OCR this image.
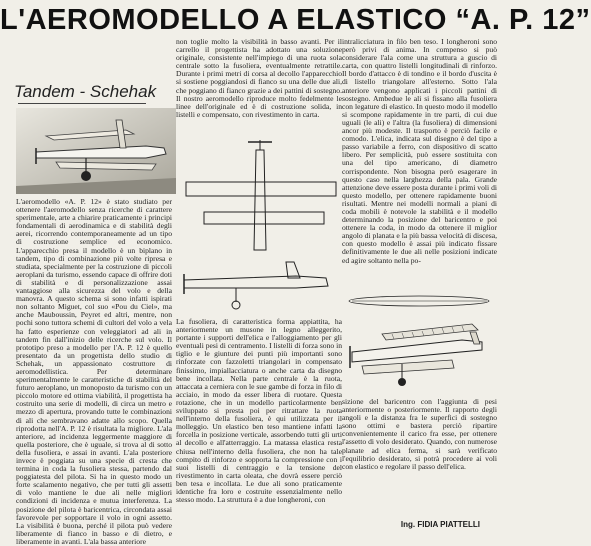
L'AEROMODELLO A ELASTICO “A. P. 12”
Tandem - Schehak

L'aeromodello «A. P. 12» è stato studiato per ottenere l'aeromodello senza ricerche di carattere sperimentale, arte a chiarire praticamente i principi fondamentali di aerodinamica e di stabilità degli aerei, ricorrendo contemporaneamente ad un tipo di costruzione semplice ed economico. L'apparecchio presa il modello è un biplano in tandem, tipo di combinazione più volte ripresa e studiata, specialmente per la costruzione di piccoli aeroplani da turismo, essendo capace di offrire doti di stabilità e di personalizzazione assai vantaggiose alla sicurezza del volo e della manovra. A questo schema si sono infatti ispirati non soltanto Miguet, col suo «Pou du Ciel», ma anche Mauboussin, Peyret ed altri, mentre, non pochi sono tuttora schemi di cultori del volo a vela ha fatto esperienze con veleggiatori ad ali in tandem fin dall'inizio delle ricerche sul volo. Il prototipo preso a modello per l'A. P. 12 è quello presentato da un progettista dello studio di Schehak, un appassionato costruttore di aeromodellistica. Per determinare sperimentalmente le caratteristiche di stabilità del futuro aeroplano, un monoposto da turismo con un piccolo motore ed ottima viabilità, il progettista ha costruito una serie di modelli, di circa un metro e mezzo di apertura, provando tutte le combinazioni di ali che sembravano adatte allo scopo. Quella riprodotta nell'A. P. 12 è risultata la migliore. L'ala anteriore, ad incidenza leggermente maggiore di quella posteriore, che è uguale, si trova al di sotto della fusoliera, e assai in avanti. L'ala posteriore invece è poggiata su una specie di cresta che termina in coda la fusoliera stessa, partendo dal poggiatesta del pilota. Si ha in questo modo un forte scalamento negativo, che per tutti gli assetti di volo mantiene le due ali nelle migliori condizioni di incidenza e mutua interferenza. La posizione del pilota è baricentrica, circondata assai favorevole per sopportare il volo in ogni assetto. La visibilità è buona, perché il pilota può vedere liberamente di fianco in basso e di dietro, e liberamente in avanti. L'ala bassa anteriore

non toglie molto la visibilità in basso avanti. Per il carrello il progettista ha adottato una soluzione originale, consistente nell'impiego di una ruota sola centrale sotto la fusoliera, eventualmente retrattile. Durante i primi metri di corsa al decollo l'apparecchio si sostiene poggiandosi di fianco su una delle due ali, che poggiano di fianco grazie a dei pattini di sostegno. Il nostro aeromodello riproduce molto fedelmente le linee dell'originale ed è di costruzione solida, in listelli e compensato, con rivestimento in carta.

intralicciatura in filo ben teso. I longheroni sono però privi di anima. In compenso si può considerare l'ala come una struttura a guscio di carta, con quattro listelli longitudinali di rinforzo. Il bordo d'attacco è di tondino e il bordo d'uscita è di listello triangolare all'esterno. Sotto l'ala anteriore vengono applicati i piccoli pattini di sostegno. Ambedue le ali si fissano alla fusoliera con legature di elastico. In questo modo il modello si scompone rapidamente in tre parti, di cui due uguali (le ali) e l'altra (la fusoliera) di dimensioni ancor più modeste. Il trasporto è perciò facile e comodo. L'elica, indicata sul disegno è del tipo a passo variabile a ferro, con dispositivo di scatto libero. Per semplicità, può essere sostituita con una del tipo americano, di diametro corrispondente. Non bisogna però esagerare in questo caso nella larghezza della pala. Grande attenzione deve essere posta durante i primi voli di questo modello, per ottenere rapidamente buoni risultati. Mentre nei modelli normali a piani di coda mobili è notevole la stabilità e il modello determinando la posizione del baricentro e poi ottenere la coda, in modo da ottenere il miglior angolo di planata e la più bassa velocità di discesa, con questo modello è assai più indicato fissare definitivamente le due ali nelle posizioni indicate ed agire soltanto nella po-

La fusoliera, di caratteristica forma appiattita, ha anteriormente un musone in legno alleggerito, portante i supporti dell'elica e l'alloggiamento per gli eventuali pesi di centramento. I listelli di forza sono in tiglio e le giunture dei punti più importanti sono rinforzate con fazzoletti triangolari in compensato finissimo, impiallacciatura o anche carta da disegno bene incollata. Nella parte centrale è la ruota, attaccata a cerniera con le sue gambe di forza in filo di acciaio, in modo da esser libera di ruotare. Questa rotazione, che in un modello particolarmente ben sviluppato si presta poi per ritrattare la ruota nell'interno della fusoliera, è qui utilizzata per il molleggio. Un elastico ben teso mantiene infatti la forcella in posizione verticale, assorbendo tutti gli urti al decollo e all'atterraggio. La matassa elastica resta chiusa nell'interno della fusoliera, che non ha tale compito di rinforzo e sopporta la compressione con i suoi listelli di centraggio e la tensione del rivestimento in carta oleata, che dovrà essere perciò ben tesa e incollata. Le due ali sono praticamente identiche fra loro e costruite essenzialmente nello stesso modo. La struttura è a due longheroni, con

sizione del baricentro con l'aggiunta di pesi anteriormente o posteriormente. Il rapporto degli angoli e la distanza fra le superfici di sostegno sono ottimi e bastera perciò ripartire convenientemente il carico fra esse, per ottenere l'assetto di volo desiderato. Quando, con numerose planate ad elica ferma, si sarà verificato l'equilibrio desiderato, si potrà procedere ai voli con elastico e regolare il passo dell'elica.

Ing. FIDIA PIATTELLI
